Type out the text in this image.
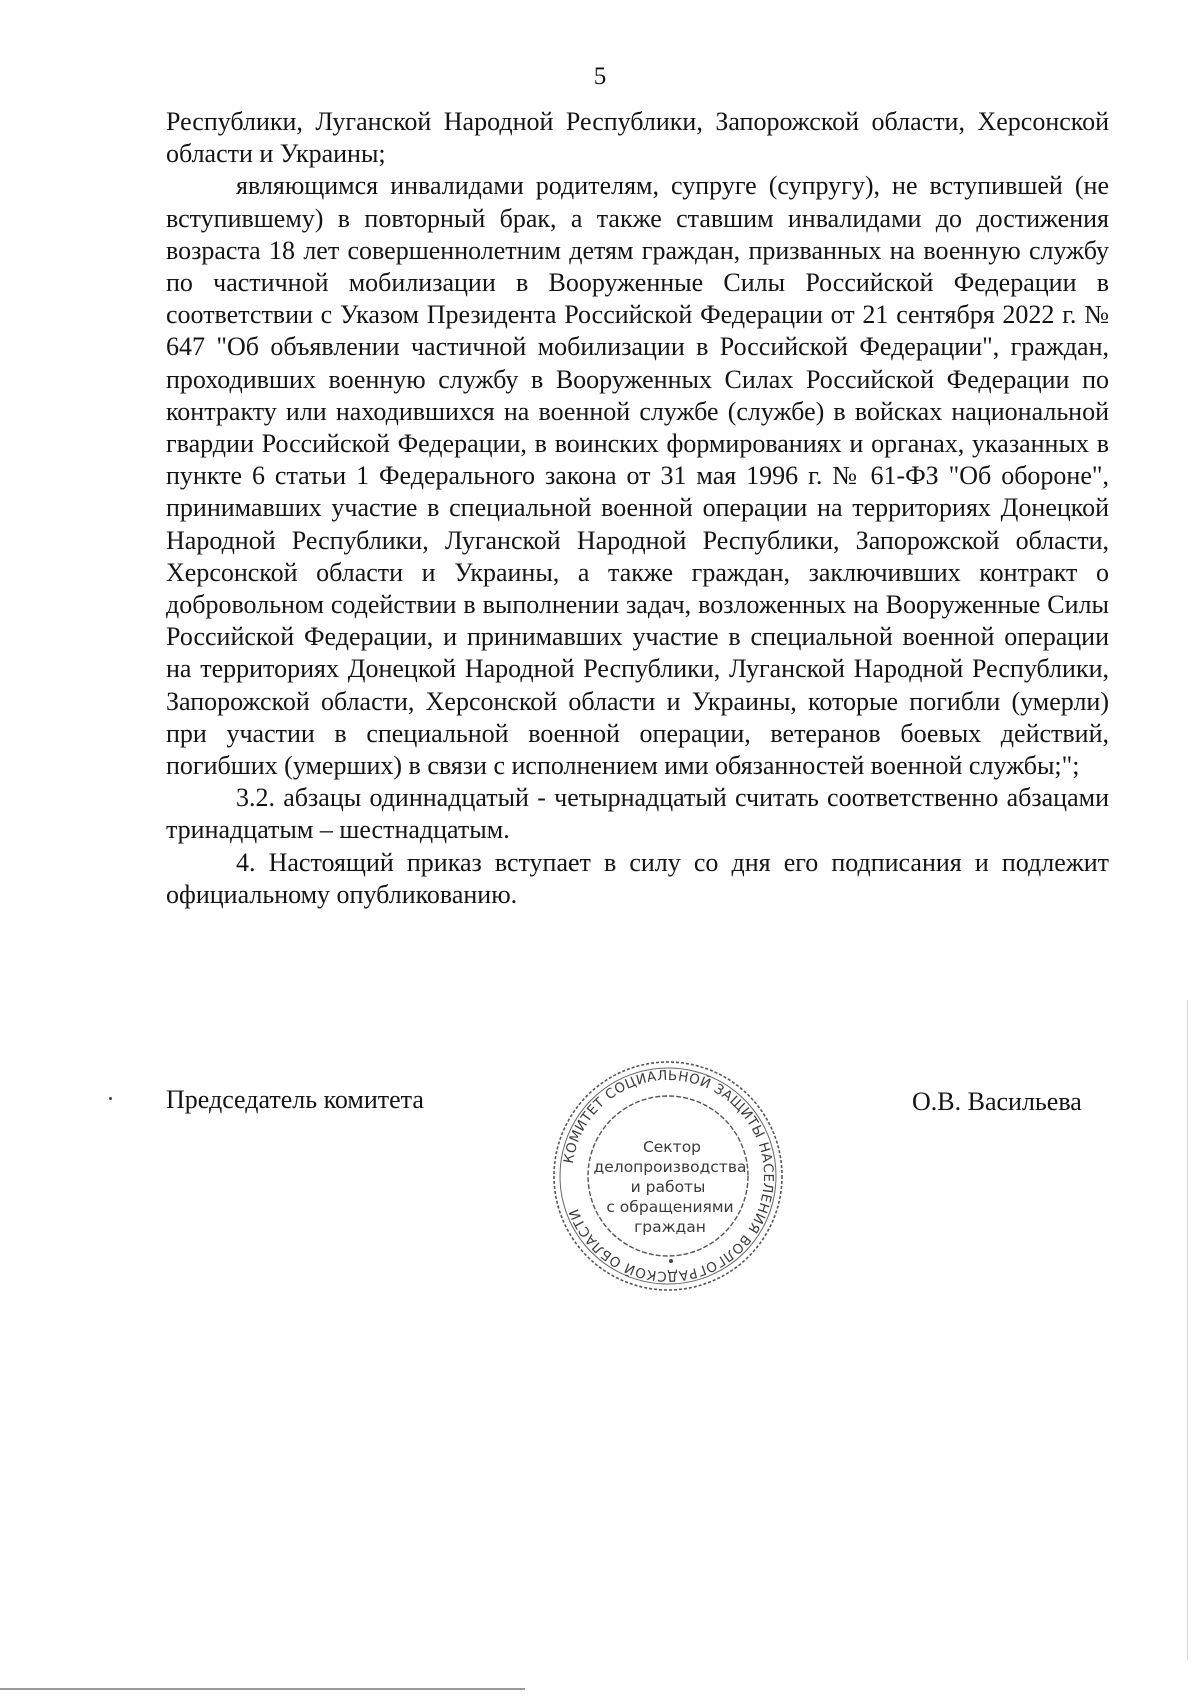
5

Республики, Луганской Народной Республики, Запорожской области, Херсонской области и Украины;

являющимся инвалидами родителям, супруге (супругу), не вступившей (не вступившему) в повторный брак, а также ставшим инвалидами до достижения возраста 18 лет совершеннолетним детям граждан, призванных на военную службу по частичной мобилизации в Вооруженные Силы Российской Федерации в соответствии с Указом Президента Российской Федерации от 21 сентября 2022 г. № 647 "Об объявлении частичной мобилизации в Российской Федерации", граждан, проходивших военную службу в Вооруженных Силах Российской Федерации по контракту или находившихся на военной службе (службе) в войсках национальной гвардии Российской Федерации, в воинских формированиях и органах, указанных в пункте 6 статьи 1 Федерального закона от 31 мая 1996 г. № 61-ФЗ "Об обороне", принимавших участие в специальной военной операции на территориях Донецкой Народной Республики, Луганской Народной Республики, Запорожской области, Херсонской области и Украины, а также граждан, заключивших контракт о добровольном содействии в выполнении задач, возложенных на Вооруженные Силы Российской Федерации, и принимавших участие в специальной военной операции на территориях Донецкой Народной Республики, Луганской Народной Республики, Запорожской области, Херсонской области и Украины, которые погибли (умерли) при участии в специальной военной операции, ветеранов боевых действий, погибших (умерших) в связи с исполнением ими обязанностей военной службы;";

3.2. абзацы одиннадцатый - четырнадцатый считать соответственно абзацами тринадцатым – шестнадцатым.

4. Настоящий приказ вступает в силу со дня его подписания и подлежит официальному опубликованию.

Председатель комитета
КОМИТЕТ СОЦИАЛЬНОЙ ЗАЩИТЫ НАСЕЛЕНИЯ ВОЛГОГРАДСКОЙ ОБЛАСТИ
Сектор
делопроизводства
и работы
с обращениями
граждан
О.В. Васильева
